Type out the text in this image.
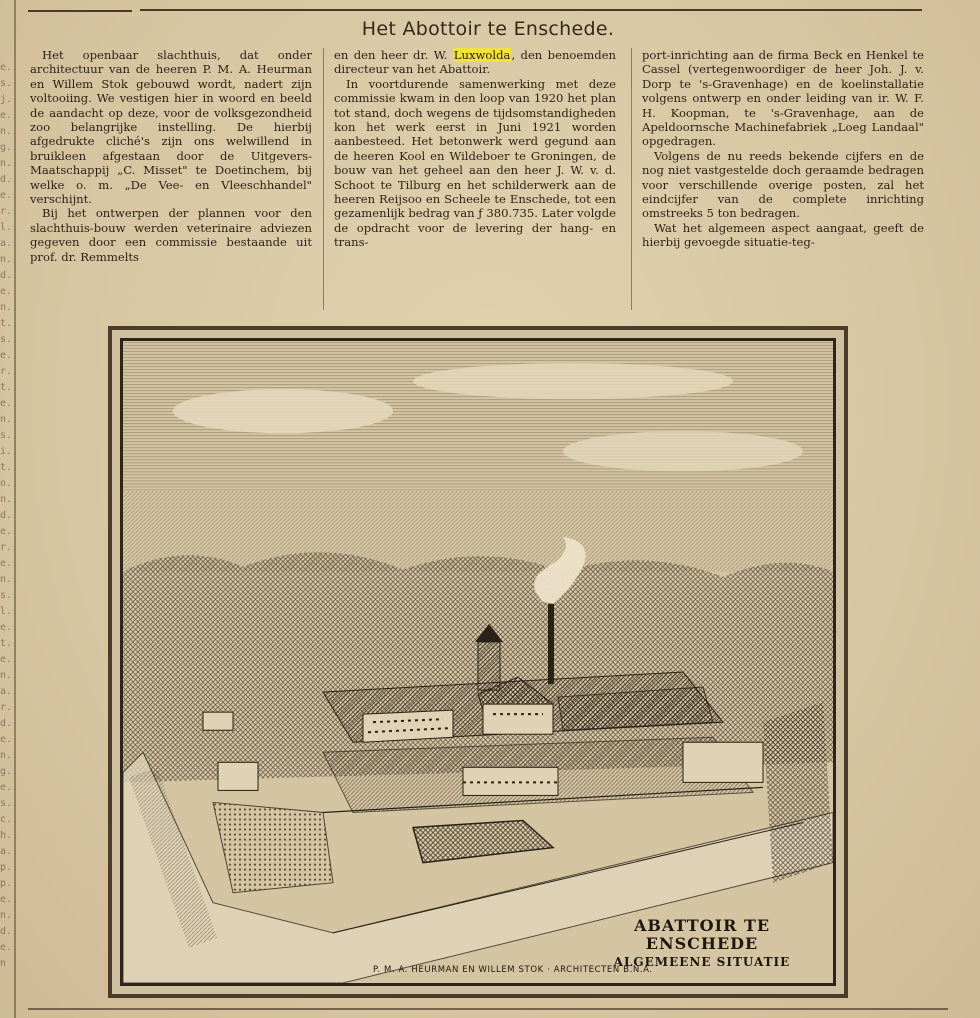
e.s.j.e.n.g.n.d.e.r.l.a.n.d.e.n.t.s.e.r.t.e.n.s.i.t.o.n.d.e.r.e.n.s.l.e.t.e.n.a.r.d.e.n.g.e.s.c.h.a.p.p.e.n.d.e.n
Het Abottoir te Enschede.

Het openbaar slachthuis, dat onder architectuur van de heeren P. M. A. Heurman en Willem Stok gebouwd wordt, nadert zijn voltooiing. We vestigen hier in woord en beeld de aandacht op deze, voor de volksgezondheid zoo belangrijke instelling. De hierbij afgedrukte cliché's zijn ons welwillend in bruikleen afgestaan door de Uitgevers-Maatschappij „C. Misset" te Doetinchem, bij welke o. m. „De Vee- en Vleeschhandel" verschijnt.

Bij het ontwerpen der plannen voor den slachthuis-bouw werden veterinaire adviezen gegeven door een commissie bestaande uit prof. dr. Remmelts

en den heer dr. W. Luxwolda, den benoemden directeur van het Abattoir.

In voortdurende samenwerking met deze commissie kwam in den loop van 1920 het plan tot stand, doch wegens de tijdsomstandigheden kon het werk eerst in Juni 1921 worden aanbesteed. Het betonwerk werd gegund aan de heeren Kool en Wildeboer te Groningen, de bouw van het geheel aan den heer J. W. v. d. Schoot te Tilburg en het schilderwerk aan de heeren Reijsoo en Scheele te Enschede, tot een gezamenlijk bedrag van ƒ 380.735. Later volgde de opdracht voor de levering der hang- en trans-

port-inrichting aan de firma Beck en Henkel te Cassel (vertegenwoordiger de heer Joh. J. v. Dorp te 's-Gravenhage) en de koelinstallatie volgens ontwerp en onder leiding van ir. W. F. H. Koopman, te 's-Gravenhage, aan de Apeldoornsche Machinefabriek „Loeg Landaal" opgedragen.

Volgens de nu reeds bekende cijfers en de nog niet vastgestelde doch geraamde bedragen voor verschillende overige posten, zal het eindcijfer van de complete inrichting omstreeks 5 ton bedragen.

Wat het algemeen aspect aangaat, geeft de hierbij gevoegde situatie-teg-

ABATTOIR TE
ENSCHEDE
ALGEMEENE SITUATIE
P. M. A. HEURMAN EN WILLEM STOK · ARCHITECTEN B.N.A.
